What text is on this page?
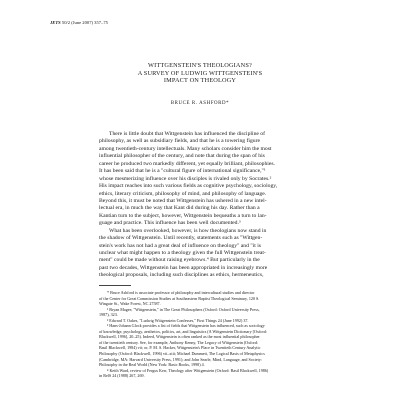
JETS 50/2 (June 2007) 357–75
WITTGENSTEIN'S THEOLOGIANS?
A SURVEY OF LUDWIG WITTGENSTEIN'S
IMPACT ON THEOLOGY
BRUCE R. ASHFORD*
There is little doubt that Wittgenstein has influenced the discipline of
philosophy, as well as subsidiary fields, and that he is a towering figure
among twentieth-century intellectuals. Many scholars consider him the most
influential philosopher of the century, and note that during the span of his
career he produced two markedly different, yet equally brilliant, philosophies.
It has been said that he is a "cultural figure of international significance,"¹
whose mesmerizing influence over his disciples is rivaled only by Socrates.²
His impact reaches into such various fields as cognitive psychology, sociology,
ethics, literary criticism, philosophy of mind, and philosophy of language.
Beyond this, it must be noted that Wittgenstein has ushered in a new intel-
lectual era, in much the way that Kant did during his day. Rather than a
Kantian turn to the subject, however, Wittgenstein bequeaths a turn to lan-
guage and practice. This influence has been well documented.³
What has been overlooked, however, is how theologians now stand in
the shadow of Wittgenstein. Until recently, statements such as "Wittgen-
stein's work has not had a great deal of influence on theology" and "it is
unclear what might happen to a theology given the full Wittgenstein treat-
ment" could be made without raising eyebrows.⁴ But particularly in the
past two decades, Wittgenstein has been appropriated in increasingly more
theological proposals, including such disciplines as ethics, hermeneutics,
* Bruce Ashford is associate professor of philosophy and intercultural studies and director
of the Center for Great Commission Studies at Southeastern Baptist Theological Seminary, 120 S.
Wingate St., Wake Forest, NC 27587.
¹ Bryan Magee, "Wittgenstein," in The Great Philosophers (Oxford: Oxford University Press,
1987), 323.
² Edward T. Oakes, "Ludwig Wittgenstein Confesses," First Things 24 (June 1992) 37.
³ Hans-Johann Glock provides a list of fields that Wittgenstein has influenced, such as sociology
of knowledge, psychology, aesthetics, politics, art, and linguistics (A Wittgenstein Dictionary [Oxford:
Blackwell, 1996], 20–25). Indeed, Wittgenstein is often ranked as the most influential philosopher
of the twentieth century. See, for example, Anthony Kenny, The Legacy of Wittgenstein (Oxford:
Basil Blackwell, 1984) vii; or, P. M. S. Hacker, Wittgenstein's Place in Twentieth Century Analytic
Philosophy (Oxford: Blackwell, 1996) vii–xiii; Michael Dummett, The Logical Basis of Metaphysics
(Cambridge, MA: Harvard University Press, 1991); and John Searle, Mind, Language, and Society:
Philosophy in the Real World (New York: Basic Books, 1998) 4.
⁴ Keith Ward, review of Fergus Kerr, Theology after Wittgenstein (Oxford: Basil Blackwell, 1986)
in RelS 24 (1988) 267, 269.
